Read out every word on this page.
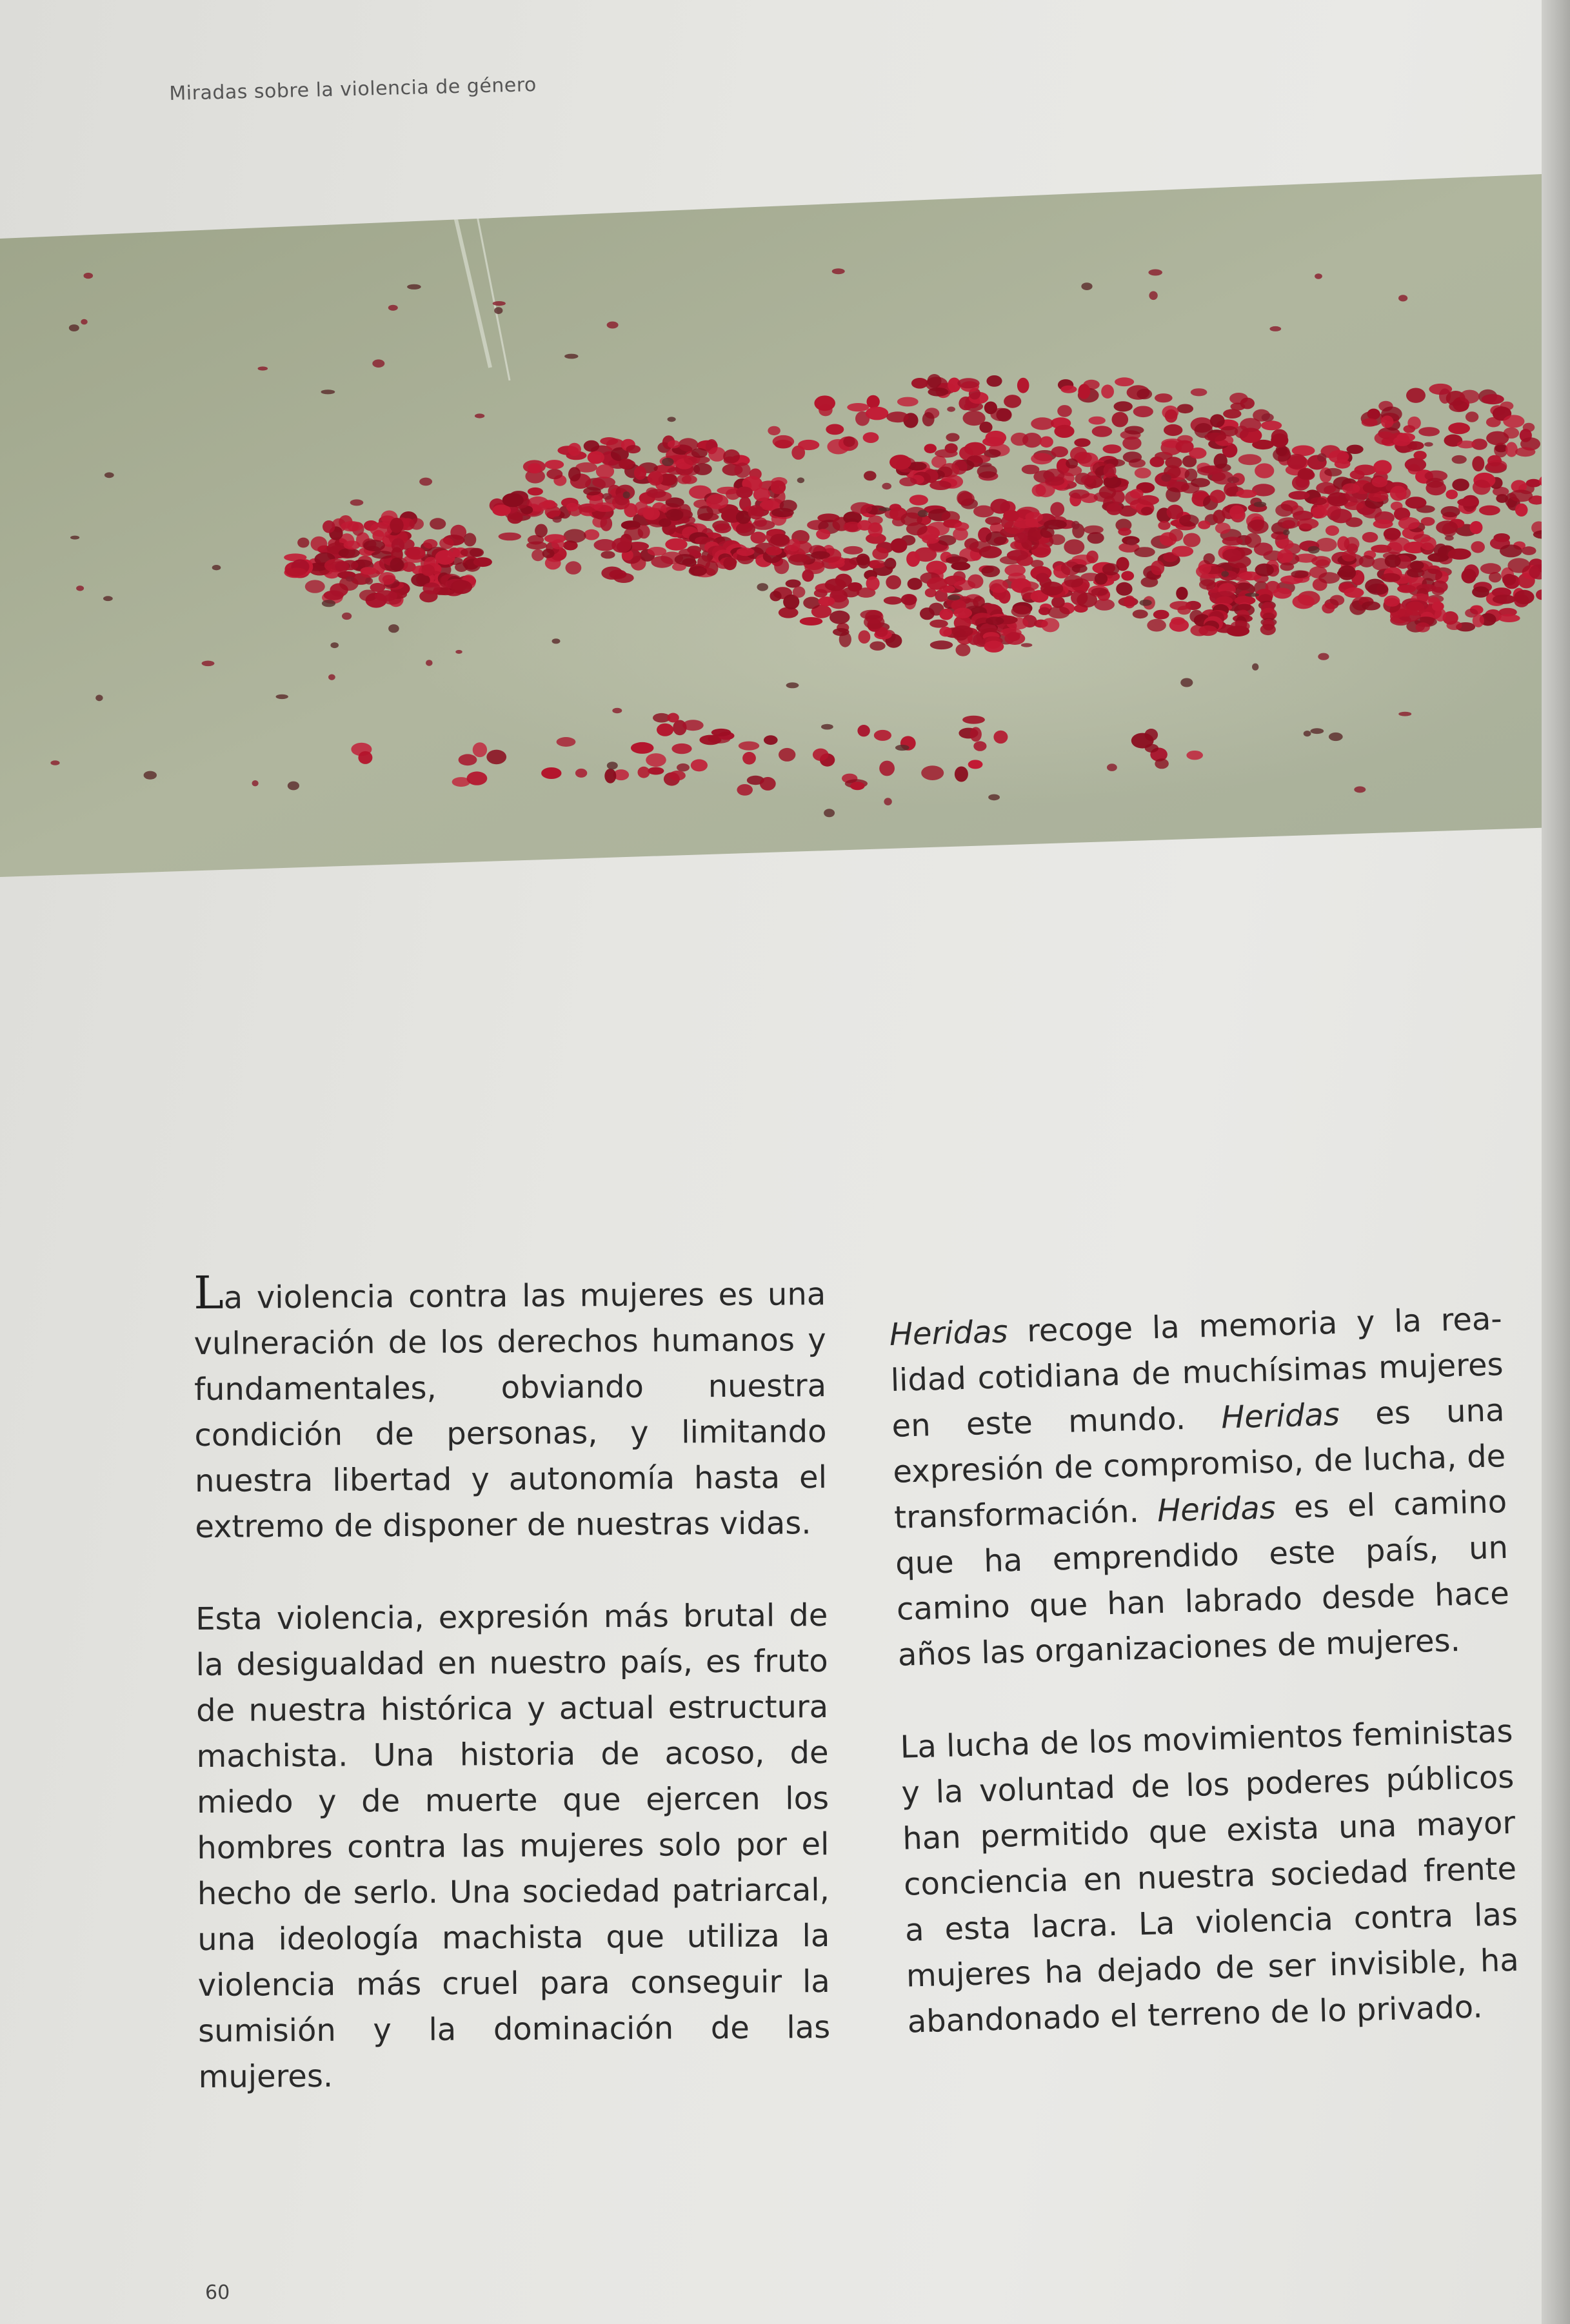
Miradas sobre la violencia de género

La violencia contra las mujeres es una vulneración de los derechos humanos y fundamentales, obviando nuestra condición de personas, y limitando nuestra libertad y autonomía hasta el extremo de disponer de nuestras vidas.

Esta violencia, expresión más brutal de la desigualdad en nuestro país, es fruto de nuestra histórica y actual estructura machista. Una historia de acoso, de miedo y de muerte que ejercen los hombres contra las mujeres solo por el hecho de serlo. Una sociedad patriarcal, una ideología machista que utiliza la violencia más cruel para conseguir la sumisión y la dominación de las mujeres.

Heridas recoge la memoria y la realidad cotidiana de muchísimas mujeres en este mundo. Heridas es una expresión de compromiso, de lucha, de transformación. Heridas es el camino que ha emprendido este país, un camino que han labrado desde hace años las organizaciones de mujeres.

La lucha de los movimientos feministas y la voluntad de los poderes públicos han permitido que exista una mayor conciencia en nuestra sociedad frente a esta lacra. La violencia contra las mujeres ha dejado de ser invisible, ha abandonado el terreno de lo privado.

60
